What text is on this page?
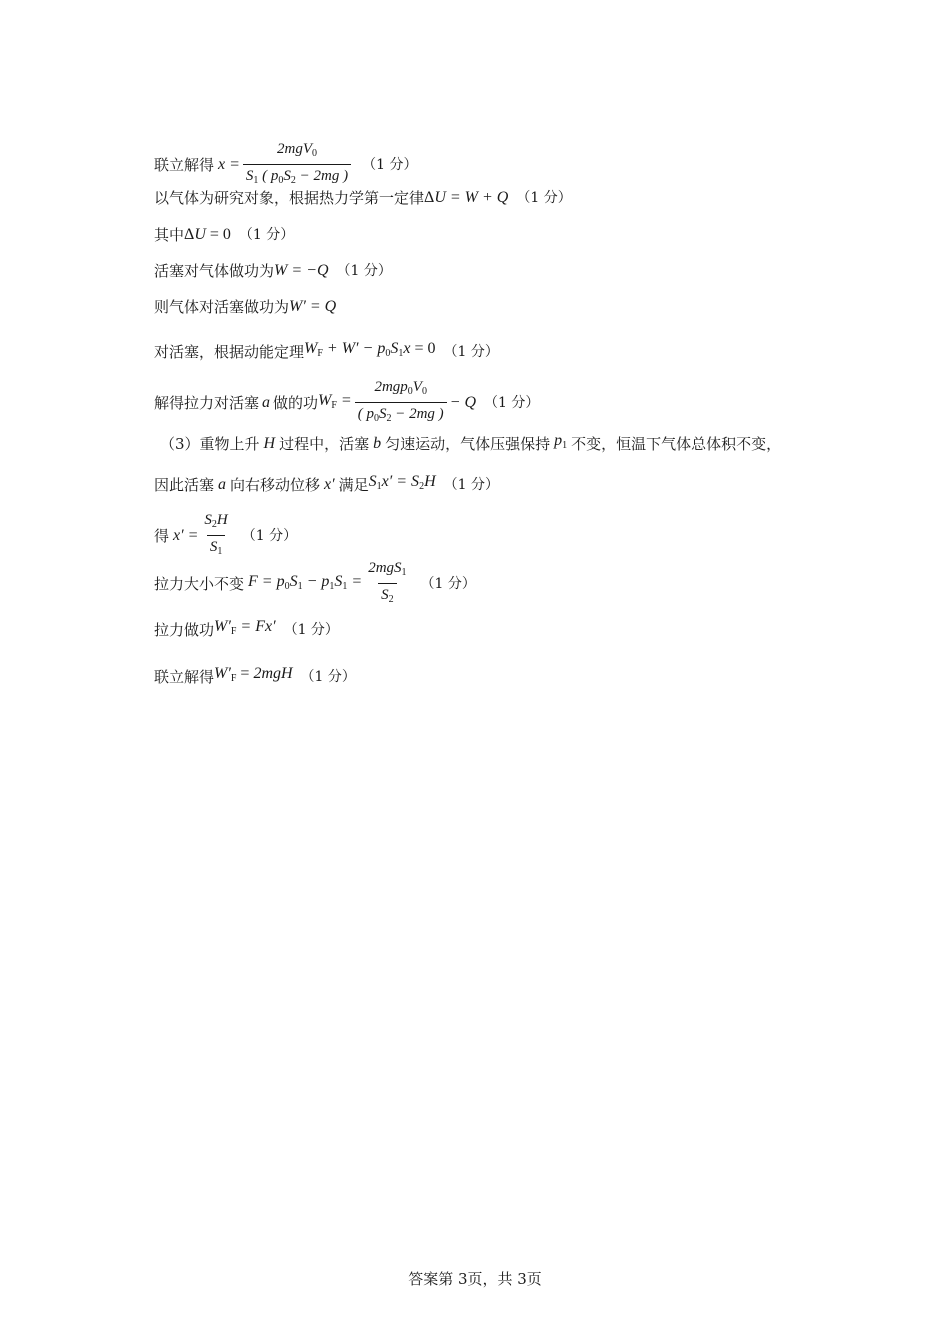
联立解得 $x = \frac{2mgV_0}{S_1 ( p_0S_2 - 2mg )} (1$ 分）
以气体为研究对象，根据热力学第一定律 ΔU = W + Q （1 分）
其中 ΔU = 0 （1 分）
活塞对气体做功为 W = −Q （1 分）
则气体对活塞做功为 W′ = Q
对活塞，根据动能定理 $W_F + W' - p_0S_1x = 0$ （1 分）
解得拉力对活塞 a 做的功 $W_F = \frac{2mgp_0V_0}{( p_0S_2 - 2mg )} - Q$ （1 分）
（3）重物上升 H 过程中，活塞 b 匀速运动，气体压强保持 $p_1$ 不变，恒温下气体总体积不变，
因此活塞 a 向右移动位移 x′ 满足 $S_1x' = S_2H$ （1 分）
得 $x' = \frac{S_2H}{S_1} (1$ 分）
拉力大小不变 $F = p_0S_1 - p_1S_1 = \frac{2mgS_1}{S_2} (1$ 分）
拉力做功 $W'_F = Fx'$ （1 分）
联立解得 $W'_F = 2mgH$ （1 分）
答案第 3页，共 3页
